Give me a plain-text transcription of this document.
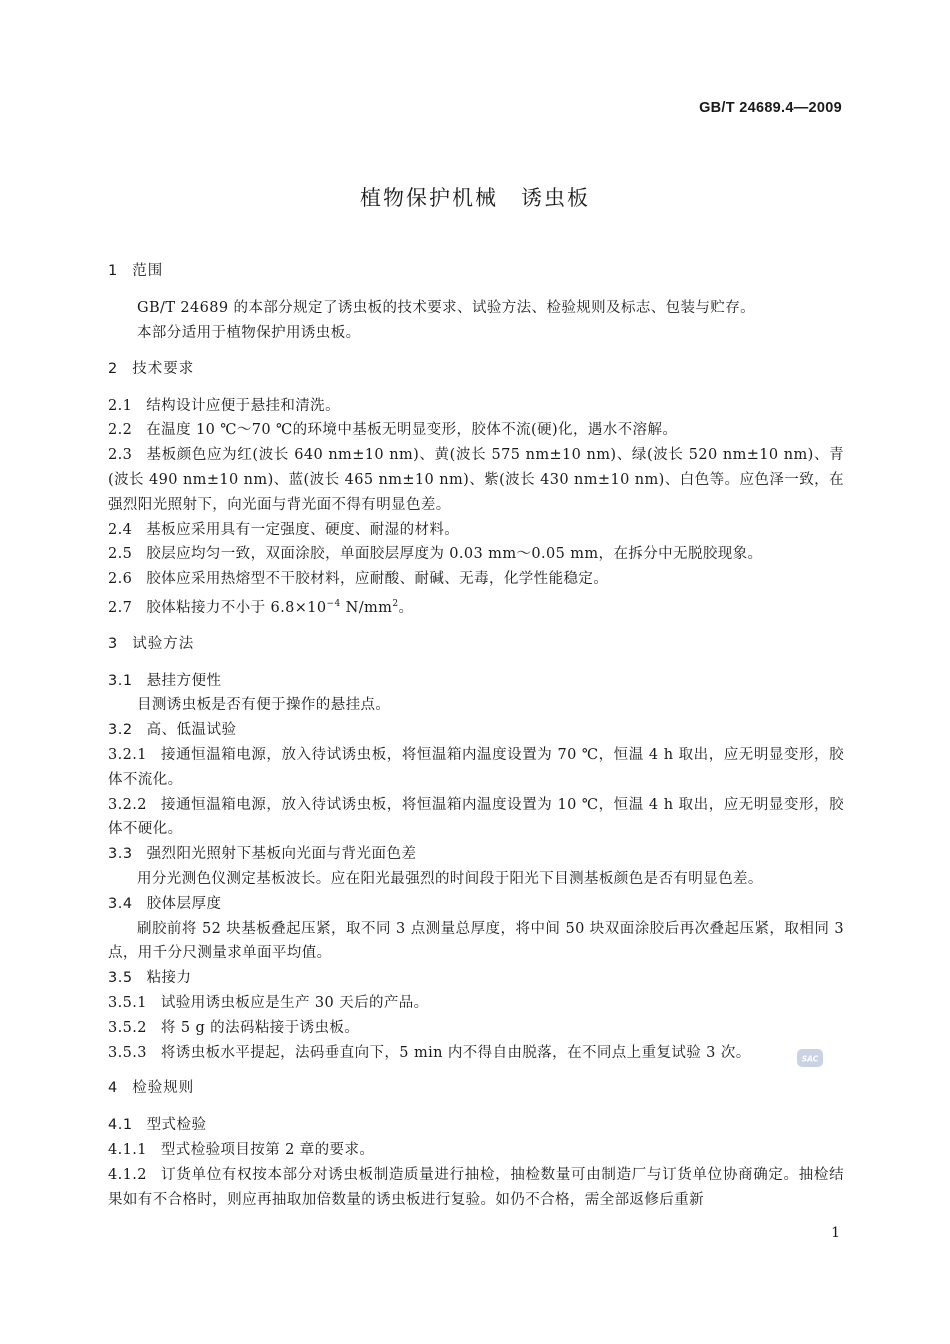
GB/T 24689.4—2009
植物保护机械　诱虫板
1 范围
GB/T 24689 的本部分规定了诱虫板的技术要求、试验方法、检验规则及标志、包装与贮存。
本部分适用于植物保护用诱虫板。
2 技术要求
2.1 结构设计应便于悬挂和清洗。
2.2 在温度 10 ℃～70 ℃的环境中基板无明显变形，胶体不流(硬)化，遇水不溶解。
2.3 基板颜色应为红(波长 640 nm±10 nm)、黄(波长 575 nm±10 nm)、绿(波长 520 nm±10 nm)、青(波长 490 nm±10 nm)、蓝(波长 465 nm±10 nm)、紫(波长 430 nm±10 nm)、白色等。应色泽一致，在强烈阳光照射下，向光面与背光面不得有明显色差。
2.4 基板应采用具有一定强度、硬度、耐湿的材料。
2.5 胶层应均匀一致，双面涂胶，单面胶层厚度为 0.03 mm～0.05 mm，在拆分中无脱胶现象。
2.6 胶体应采用热熔型不干胶材料，应耐酸、耐碱、无毒，化学性能稳定。
2.7 胶体粘接力不小于 $6.8\times 10^{-4}$ $N/mm^2$。
3 试验方法
3.1 悬挂方便性
目测诱虫板是否有便于操作的悬挂点。
3.2 高、低温试验
3.2.1 接通恒温箱电源，放入待试诱虫板，将恒温箱内温度设置为 70 ℃，恒温 4 h 取出，应无明显变形，胶体不流化。
3.2.2 接通恒温箱电源，放入待试诱虫板，将恒温箱内温度设置为 10 ℃，恒温 4 h 取出，应无明显变形，胶体不硬化。
3.3 强烈阳光照射下基板向光面与背光面色差
用分光测色仪测定基板波长。应在阳光最强烈的时间段于阳光下目测基板颜色是否有明显色差。
3.4 胶体层厚度
刷胶前将 52 块基板叠起压紧，取不同 3 点测量总厚度，将中间 50 块双面涂胶后再次叠起压紧，取相同 3 点，用千分尺测量求单面平均值。
3.5 粘接力
3.5.1 试验用诱虫板应是生产 30 天后的产品。
3.5.2 将 5 g 的法码粘接于诱虫板。
3.5.3 将诱虫板水平提起，法码垂直向下，5 min 内不得自由脱落，在不同点上重复试验 3 次。
4 检验规则
4.1 型式检验
4.1.1 型式检验项目按第 2 章的要求。
4.1.2 订货单位有权按本部分对诱虫板制造质量进行抽检，抽检数量可由制造厂与订货单位协商确定。抽检结果如有不合格时，则应再抽取加倍数量的诱虫板进行复验。如仍不合格，需全部返修后重新
SAC
1
